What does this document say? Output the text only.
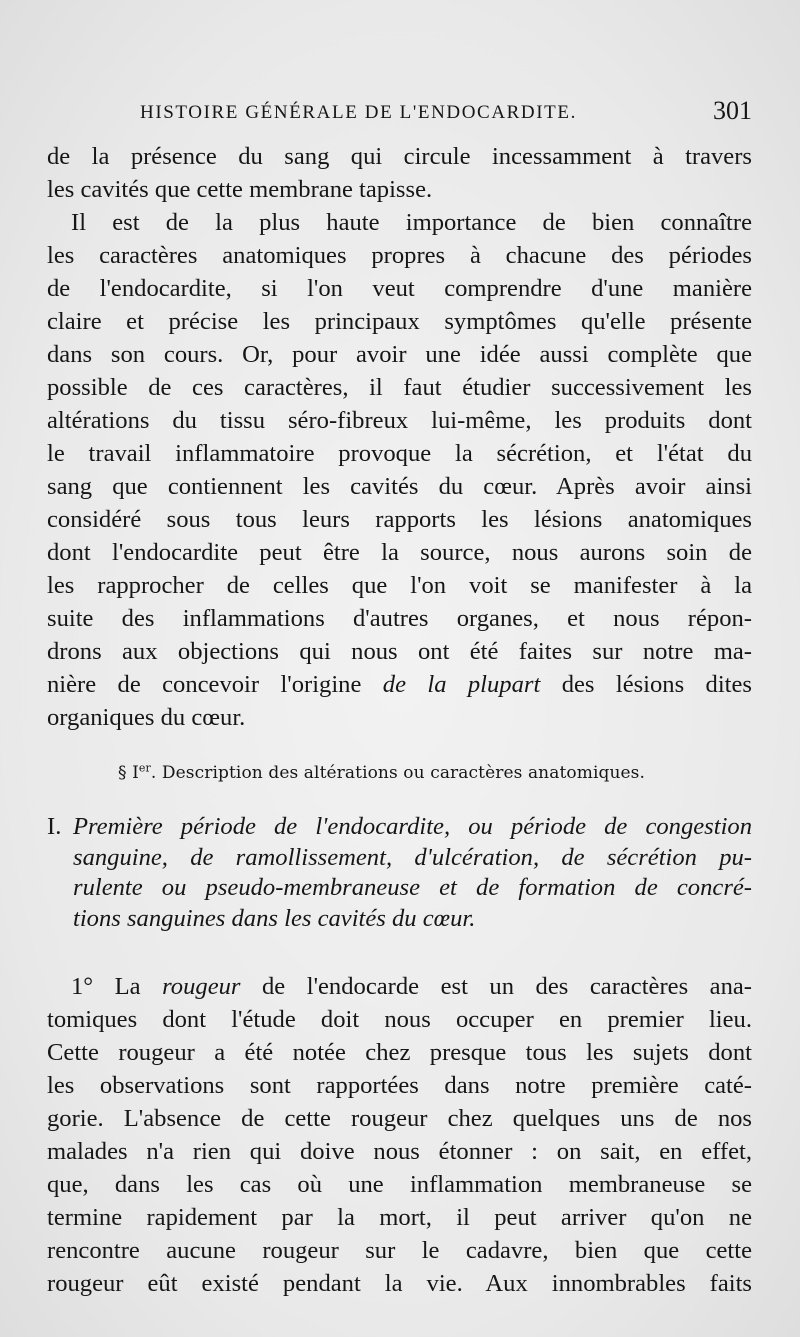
HISTOIRE GÉNÉRALE DE L'ENDOCARDITE.	301
de la présence du sang qui circule incessamment à travers
les cavités que cette membrane tapisse.
Il est de la plus haute importance de bien connaître
les caractères anatomiques propres à chacune des périodes
de l'endocardite, si l'on veut comprendre d'une manière
claire et précise les principaux symptômes qu'elle présente
dans son cours. Or, pour avoir une idée aussi complète que
possible de ces caractères, il faut étudier successivement les
altérations du tissu séro-fibreux lui-même, les produits dont
le travail inflammatoire provoque la sécrétion, et l'état du
sang que contiennent les cavités du cœur. Après avoir ainsi
considéré sous tous leurs rapports les lésions anatomiques
dont l'endocardite peut être la source, nous aurons soin de
les rapprocher de celles que l'on voit se manifester à la
suite des inflammations d'autres organes, et nous répon-
drons aux objections qui nous ont été faites sur notre ma-
nière de concevoir l'origine de la plupart des lésions dites
organiques du cœur.
§ Ier. Description des altérations ou caractères anatomiques.
I. Première période de l'endocardite, ou période de congestion
sanguine, de ramollissement, d'ulcération, de sécrétion pu-
rulente ou pseudo-membraneuse et de formation de concré-
tions sanguines dans les cavités du cœur.
1° La rougeur de l'endocarde est un des caractères ana-
tomiques dont l'étude doit nous occuper en premier lieu.
Cette rougeur a été notée chez presque tous les sujets dont
les observations sont rapportées dans notre première caté-
gorie. L'absence de cette rougeur chez quelques uns de nos
malades n'a rien qui doive nous étonner : on sait, en effet,
que, dans les cas où une inflammation membraneuse se
termine rapidement par la mort, il peut arriver qu'on ne
rencontre aucune rougeur sur le cadavre, bien que cette
rougeur eût existé pendant la vie. Aux innombrables faits
